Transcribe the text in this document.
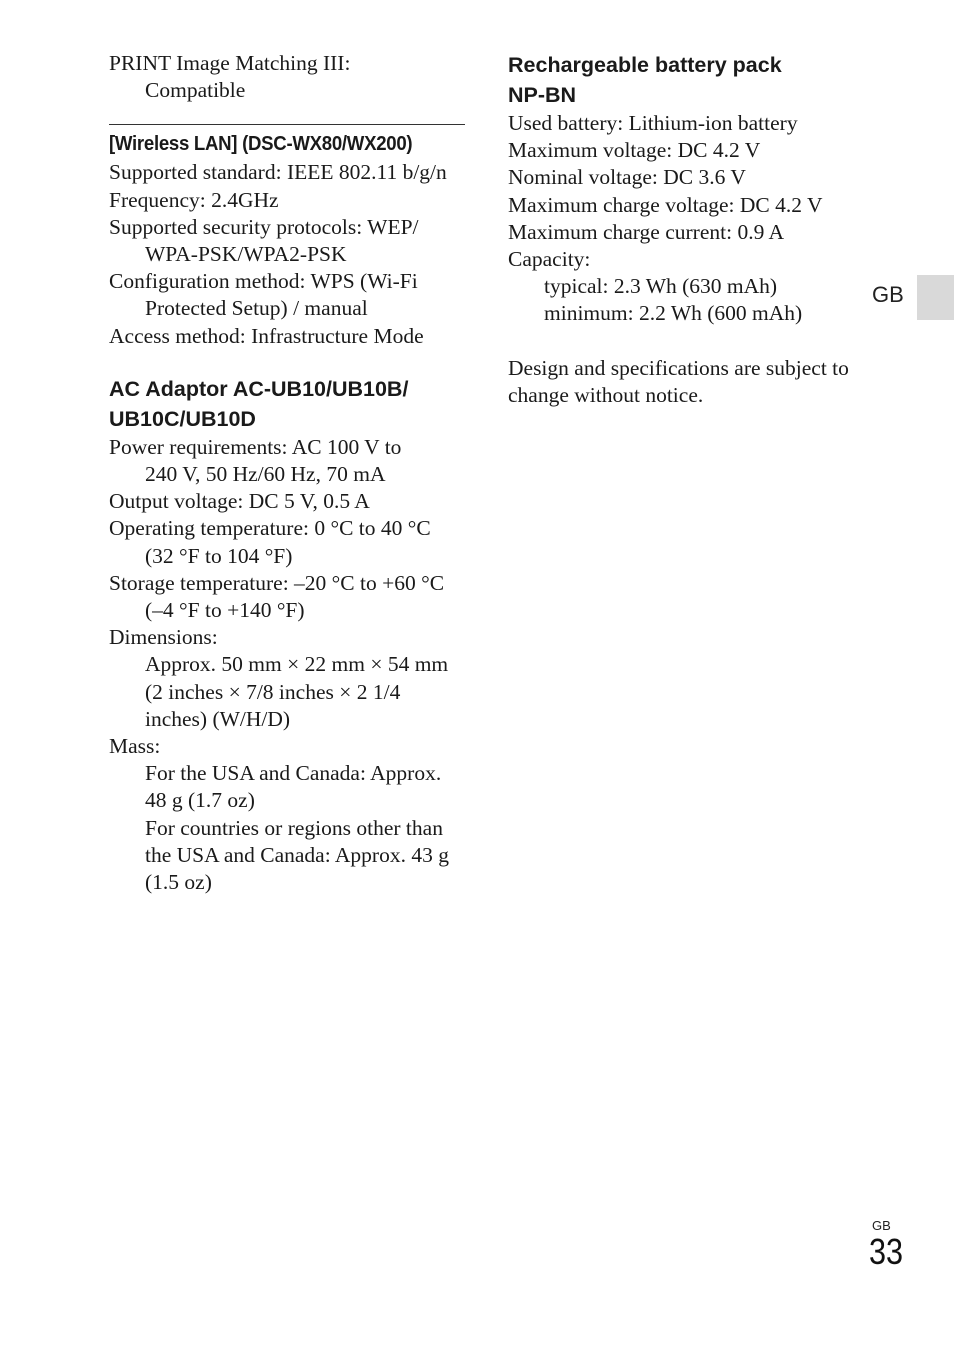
PRINT Image Matching III:
Compatible
[Wireless LAN] (DSC-WX80/WX200)
Supported standard: IEEE 802.11 b/g/n
Frequency: 2.4GHz
Supported security protocols: WEP/
WPA-PSK/WPA2-PSK
Configuration method: WPS (Wi-Fi
Protected Setup) / manual
Access method: Infrastructure Mode
AC Adaptor AC-UB10/UB10B/
UB10C/UB10D
Power requirements: AC 100 V to
240 V, 50 Hz/60 Hz, 70 mA
Output voltage: DC 5 V, 0.5 A
Operating temperature: 0 °C to 40 °C
(32 °F to 104 °F)
Storage temperature: –20 °C to +60 °C
(–4 °F to +140 °F)
Dimensions:
Approx. 50 mm × 22 mm × 54 mm
(2 inches × 7/8 inches × 2 1/4
inches) (W/H/D)
Mass:
For the USA and Canada: Approx.
48 g (1.7 oz)
For countries or regions other than
the USA and Canada: Approx. 43 g
(1.5 oz)
Rechargeable battery pack
NP-BN
Used battery: Lithium-ion battery
Maximum voltage: DC 4.2 V
Nominal voltage: DC 3.6 V
Maximum charge voltage: DC 4.2 V
Maximum charge current: 0.9 A
Capacity:
typical: 2.3 Wh (630 mAh)
minimum: 2.2 Wh (600 mAh)
Design and specifications are subject to
change without notice.
GB
GB
33
